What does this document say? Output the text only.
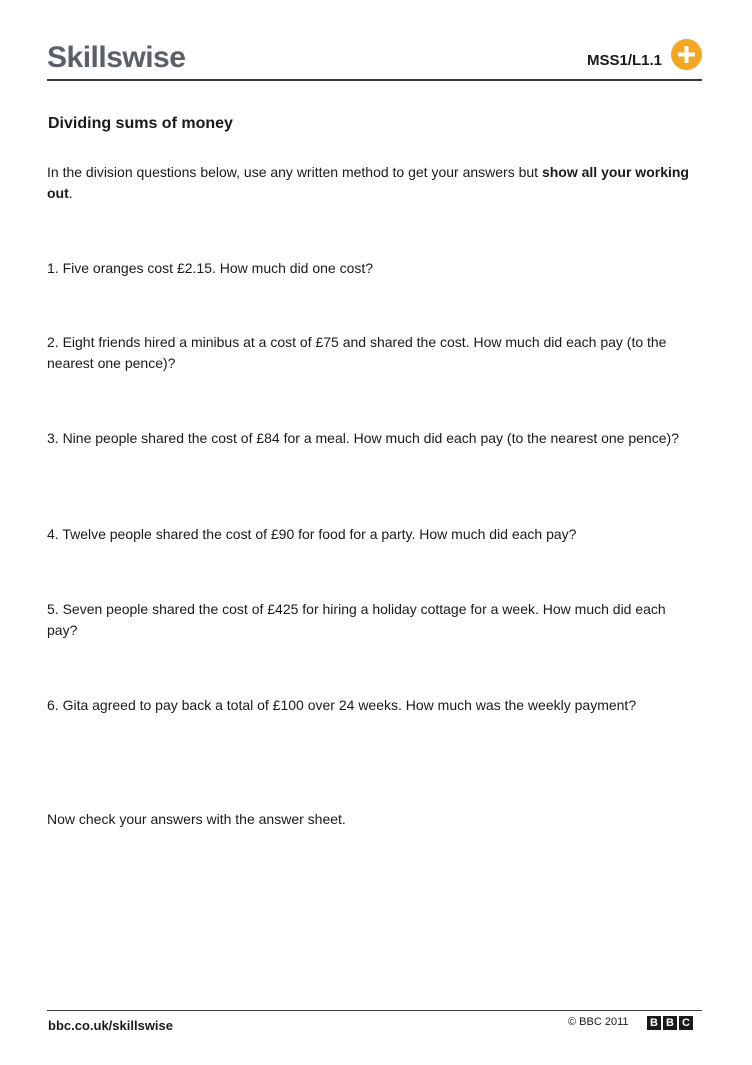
Skillswise	MSS1/L1.1
Dividing sums of money
In the division questions below, use any written method to get your answers but show all your working out.
1. Five oranges cost £2.15. How much did one cost?
2. Eight friends hired a minibus at a cost of £75 and shared the cost. How much did each pay (to the nearest one pence)?
3. Nine people shared the cost of £84 for a meal. How much did each pay (to the nearest one pence)?
4. Twelve people shared the cost of £90 for food for a party. How much did each pay?
5. Seven people shared the cost of £425 for hiring a holiday cottage for a week. How much did each pay?
6. Gita agreed to pay back a total of £100 over 24 weeks. How much was the weekly payment?
Now check your answers with the answer sheet.
bbc.co.uk/skillswise	© BBC 2011 B B C
